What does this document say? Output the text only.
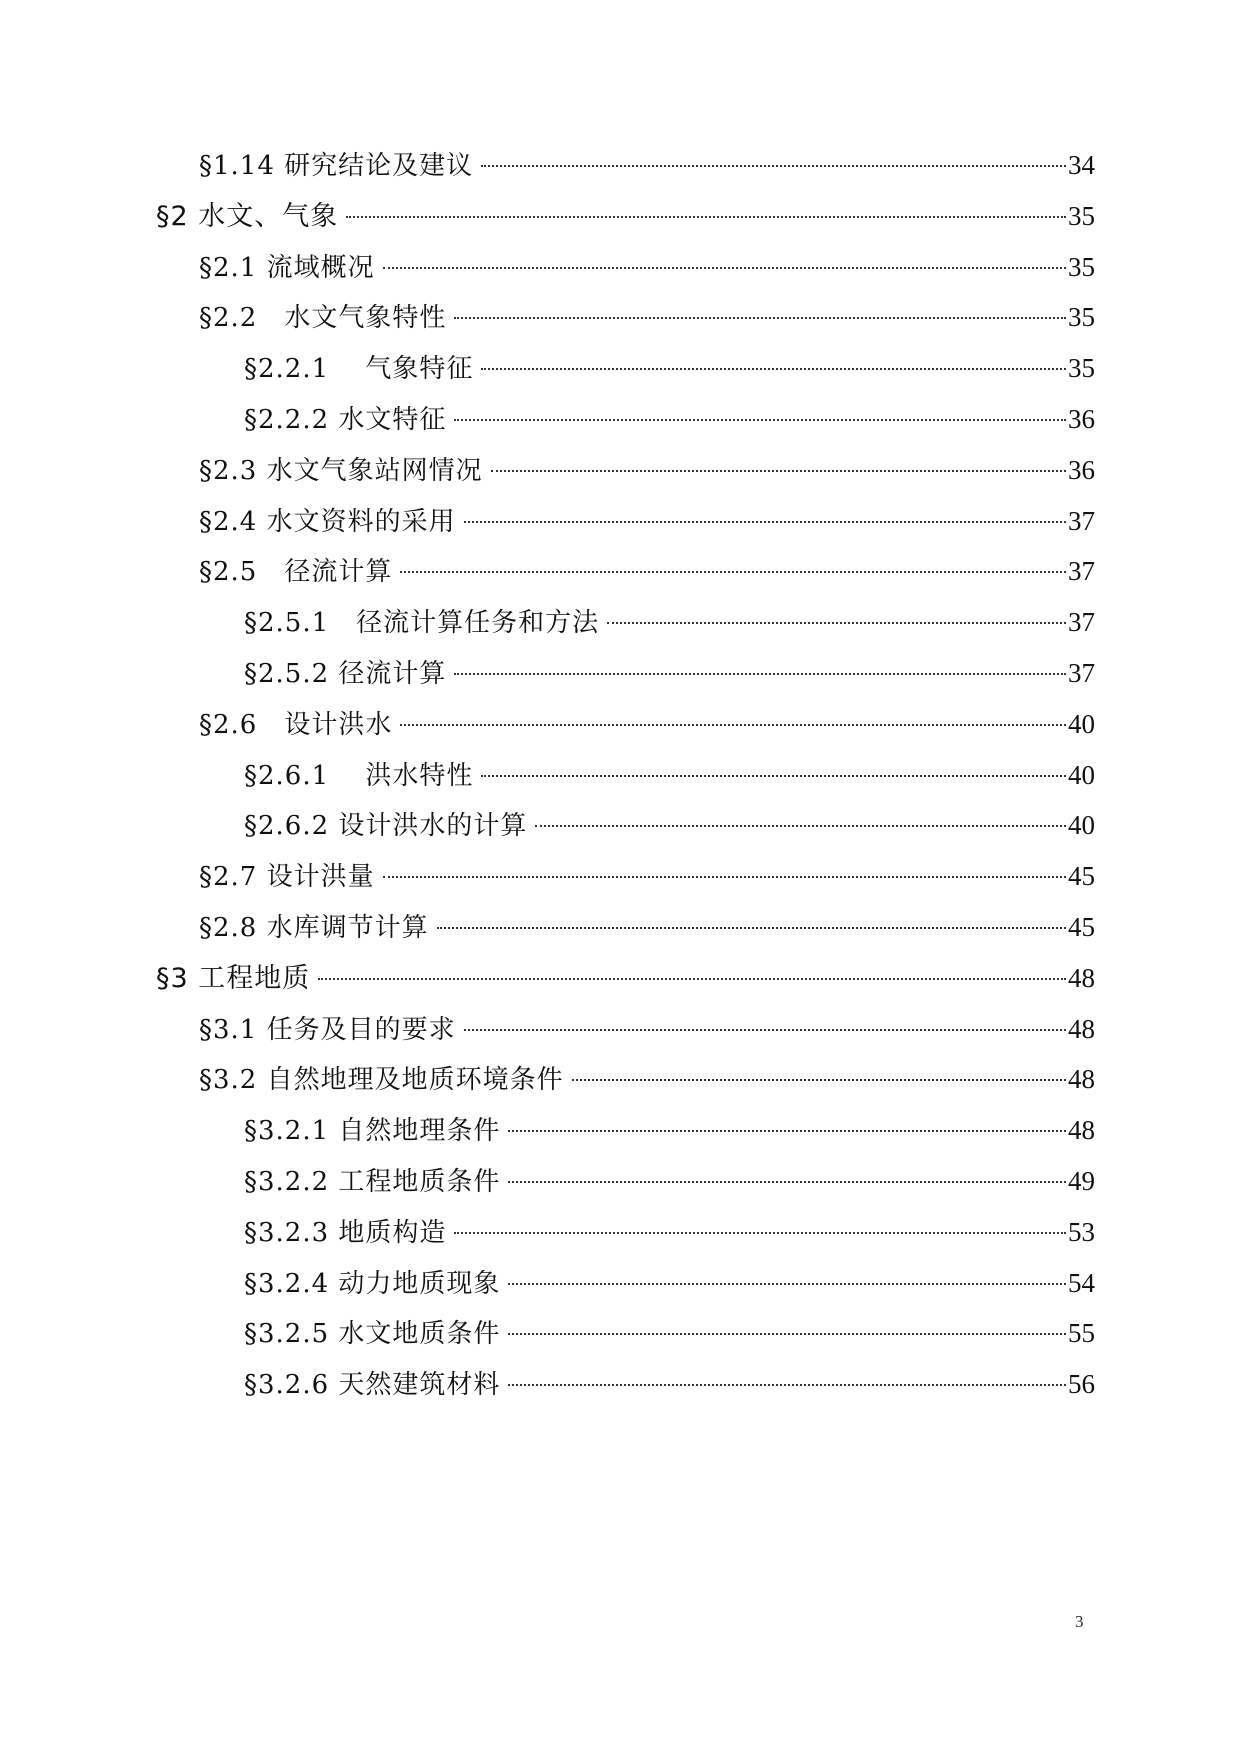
§1.14 研究结论及建议	34
§2 水文、气象	35
§2.1 流域概况	35
§2.2　水文气象特性	35
§2.2.1　 气象特征	35
§2.2.2 水文特征	36
§2.3 水文气象站网情况	36
§2.4 水文资料的采用	37
§2.5　径流计算	37
§2.5.1　径流计算任务和方法	37
§2.5.2 径流计算	37
§2.6　设计洪水	40
§2.6.1　 洪水特性	40
§2.6.2 设计洪水的计算	40
§2.7 设计洪量	45
§2.8 水库调节计算	45
§3 工程地质	48
§3.1 任务及目的要求	48
§3.2 自然地理及地质环境条件	48
§3.2.1 自然地理条件	48
§3.2.2 工程地质条件	49
§3.2.3 地质构造	53
§3.2.4 动力地质现象	54
§3.2.5 水文地质条件	55
§3.2.6 天然建筑材料	56
3
